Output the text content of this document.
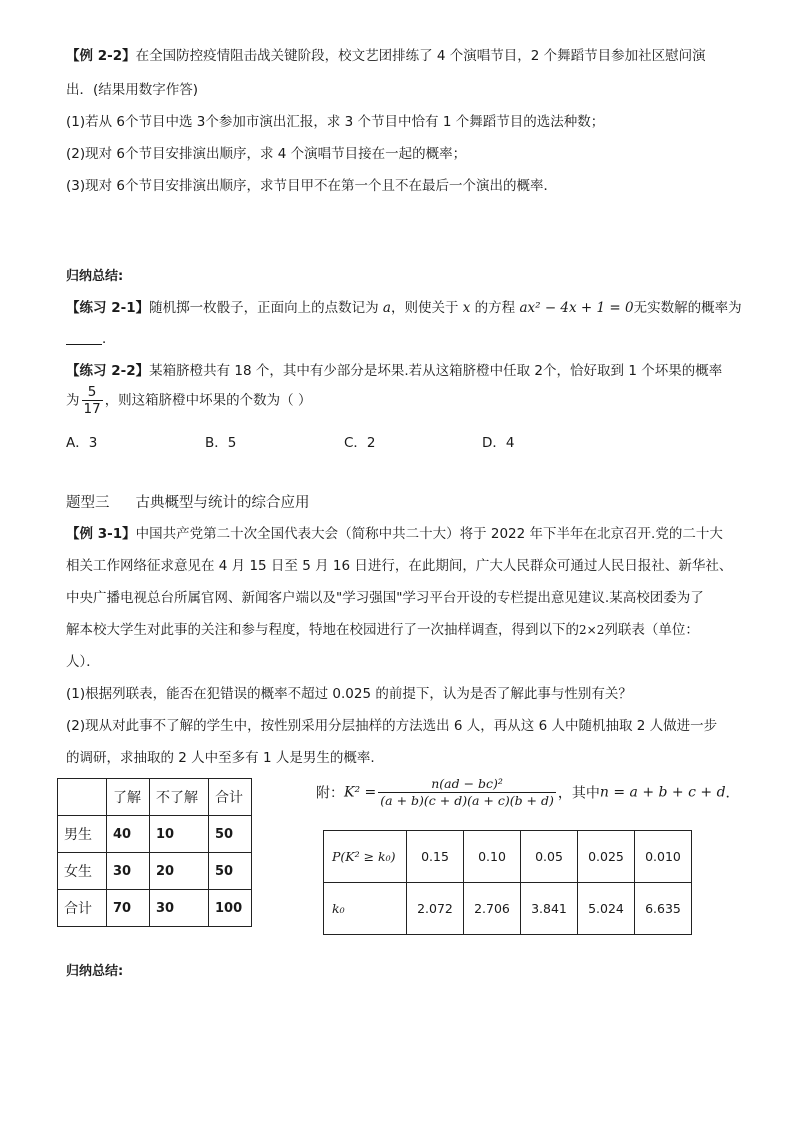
【例 2-2】在全国防控疫情阻击战关键阶段，校文艺团排练了 4 个演唱节目，2 个舞蹈节目参加社区慰问演
出．(结果用数字作答)
(1)若从 6个节目中选 3个参加市演出汇报，求 3 个节目中恰有 1 个舞蹈节目的选法种数；
(2)现对 6个节目安排演出顺序，求 4 个演唱节目接在一起的概率；
(3)现对 6个节目安排演出顺序，求节目甲不在第一个且不在最后一个演出的概率．
归纳总结:
【练习 2-1】随机掷一枚骰子，正面向上的点数记为 a，则使关于 x 的方程 ax² − 4x + 1 = 0无实数解的概率为
．
【练习 2-2】某箱脐橙共有 18 个，其中有少部分是坏果.若从这箱脐橙中任取 2个，恰好取到 1 个坏果的概率
为 $\frac{5}{17}$ ，则这箱脐橙中坏果的个数为（ ）
A．3	B．5	C．2	D．4
题型三 古典概型与统计的综合应用
【例 3-1】中国共产党第二十次全国代表大会（简称中共二十大）将于 2022 年下半年在北京召开.党的二十大
相关工作网络征求意见在 4 月 15 日至 5 月 16 日进行，在此期间，广大人民群众可通过人民日报社、新华社、
中央广播电视总台所属官网、新闻客户端以及"学习强国"学习平台开设的专栏提出意见建议.某高校团委为了
解本校大学生对此事的关注和参与程度，特地在校园进行了一次抽样调查，得到以下的2×2列联表（单位：
人）．
(1)根据列联表，能否在犯错误的概率不超过 0.025 的前提下，认为是否了解此事与性别有关？
(2)现从对此事不了解的学生中，按性别采用分层抽样的方法选出 6 人，再从这 6 人中随机抽取 2 人做进一步
的调研，求抽取的 2 人中至多有 1 人是男生的概率.
	了解	不了解	合计
男生	40	10	50
女生	30	20	50
合计	70	30	100
附：$K^2 = \frac{\text{n(ad − bc)²}}{(a + b)(c + d)(a + c)(b + d)}$ ，其中n = a + b + c + d．
P(K² ≥ k₀)	0.15	0.10	0.05	0.025	0.010
k₀	2.072	2.706	3.841	5.024	6.635
归纳总结:
